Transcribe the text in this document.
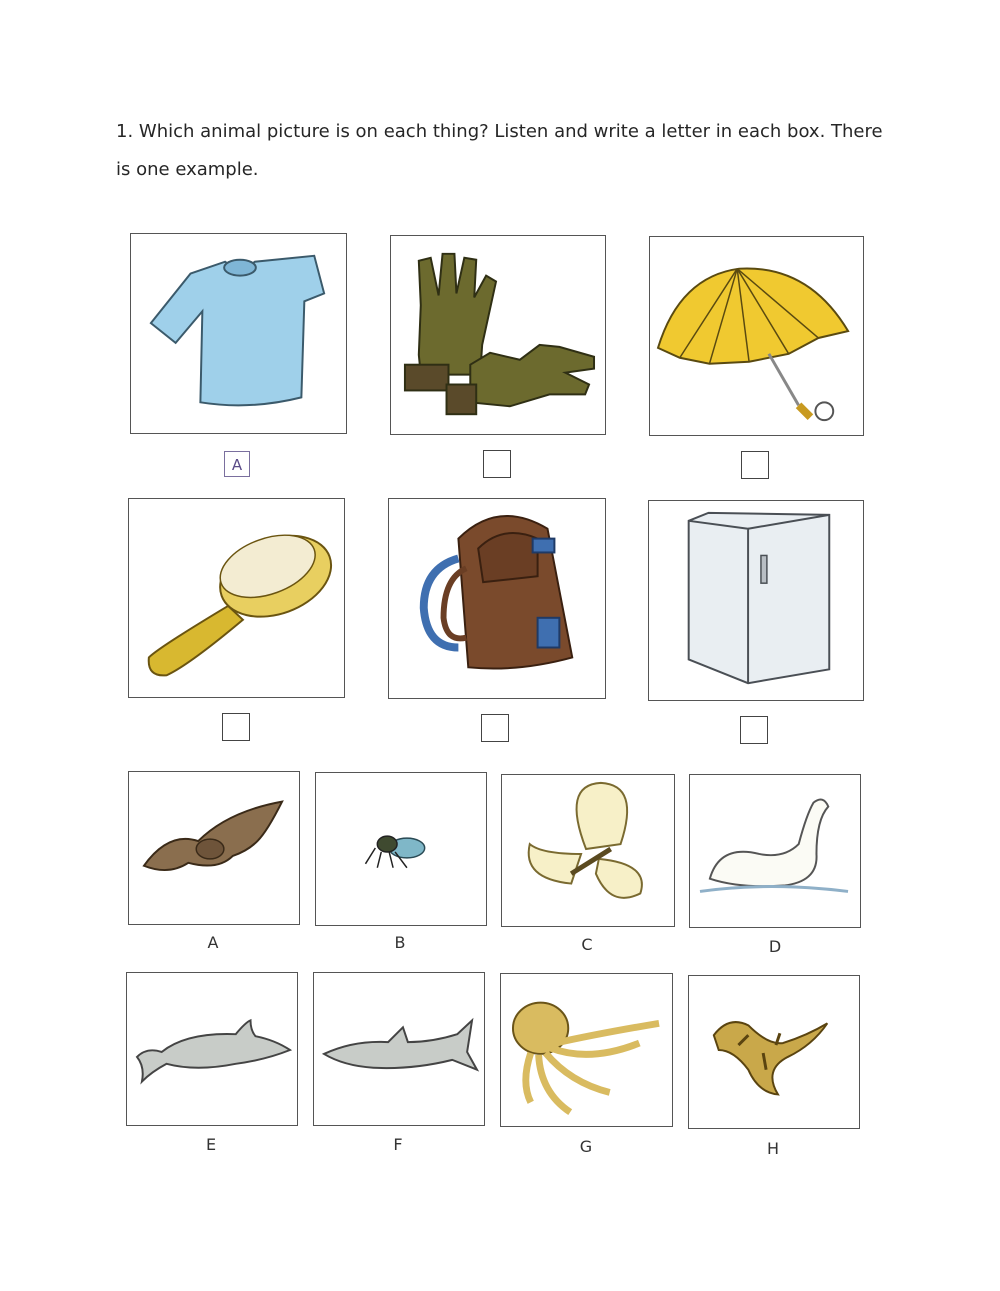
1. Which animal picture is on each thing? Listen and write a letter in each box. There is one example.
A
A	B	C	D
E	F	G	H
